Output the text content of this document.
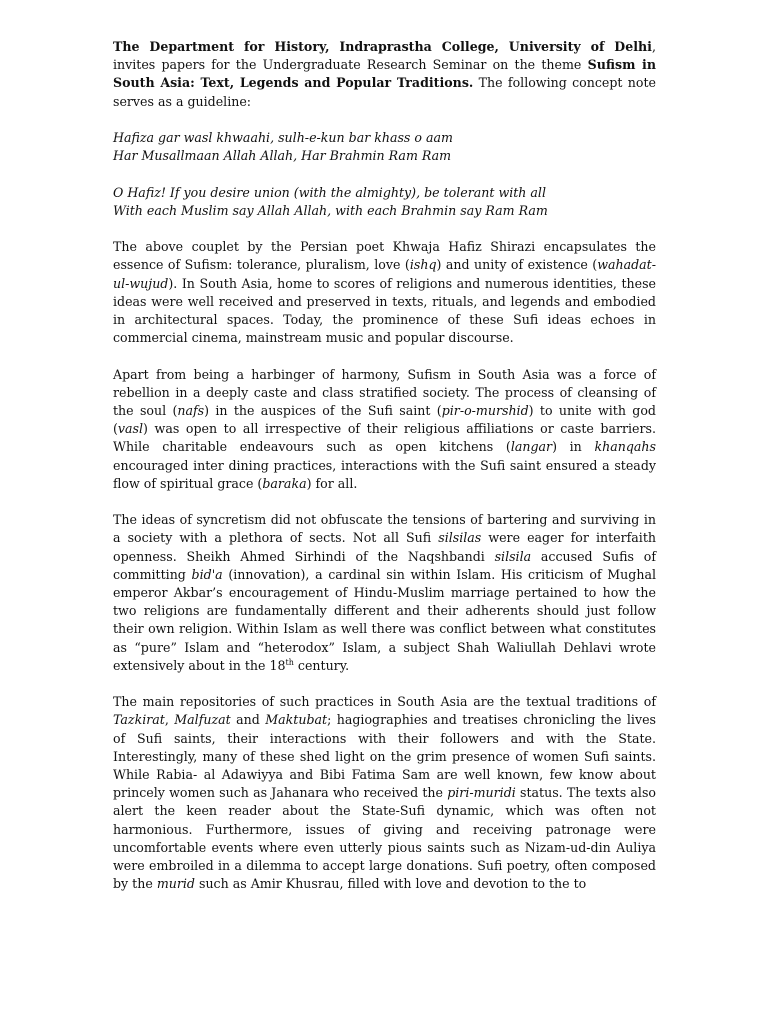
The Department for History, Indraprastha College, University of Delhi, invites papers for the Undergraduate Research Seminar on the theme Sufism in South Asia: Text, Legends and Popular Traditions. The following concept note serves as a guideline:

Hafiza gar wasl khwaahi, sulh-e-kun bar khass o aam
Har Musallmaan Allah Allah, Har Brahmin Ram Ram

O Hafiz! If you desire union (with the almighty), be tolerant with all
With each Muslim say Allah Allah, with each Brahmin say Ram Ram

The above couplet by the Persian poet Khwaja Hafiz Shirazi encapsulates the essence of Sufism: tolerance, pluralism, love (ishq) and unity of existence (wahadat-ul-wujud). In South Asia, home to scores of religions and numerous identities, these ideas were well received and preserved in texts, rituals, and legends and embodied in architectural spaces. Today, the prominence of these Sufi ideas echoes in commercial cinema, mainstream music and popular discourse.

Apart from being a harbinger of harmony, Sufism in South Asia was a force of rebellion in a deeply caste and class stratified society. The process of cleansing of the soul (nafs) in the auspices of the Sufi saint (pir-o-murshid) to unite with god (vasl) was open to all irrespective of their religious affiliations or caste barriers. While charitable endeavours such as open kitchens (langar) in khanqahs encouraged inter dining practices, interactions with the Sufi saint ensured a steady flow of spiritual grace (baraka) for all.

The ideas of syncretism did not obfuscate the tensions of bartering and surviving in a society with a plethora of sects. Not all Sufi silsilas were eager for interfaith openness. Sheikh Ahmed Sirhindi of the Naqshbandi silsila accused Sufis of committing bid'a (innovation), a cardinal sin within Islam. His criticism of Mughal emperor Akbar’s encouragement of Hindu-Muslim marriage pertained to how the two religions are fundamentally different and their adherents should just follow their own religion. Within Islam as well there was conflict between what constitutes as “pure” Islam and “heterodox” Islam, a subject Shah Waliullah Dehlavi wrote extensively about in the 18th century.

The main repositories of such practices in South Asia are the textual traditions of Tazkirat, Malfuzat and Maktubat; hagiographies and treatises chronicling the lives of Sufi saints, their interactions with their followers and with the State. Interestingly, many of these shed light on the grim presence of women Sufi saints. While Rabia- al Adawiyya and Bibi Fatima Sam are well known, few know about princely women such as Jahanara who received the piri-muridi status. The texts also alert the keen reader about the State-Sufi dynamic, which was often not harmonious. Furthermore, issues of giving and receiving patronage were uncomfortable events where even utterly pious saints such as Nizam-ud-din Auliya were embroiled in a dilemma to accept large donations. Sufi poetry, often composed by the murid such as Amir Khusrau, filled with love and devotion to the to
